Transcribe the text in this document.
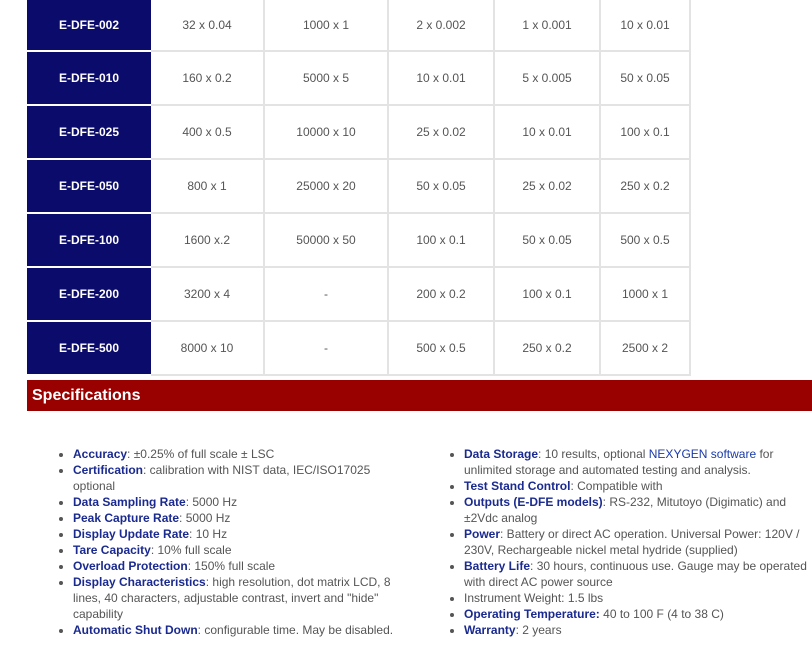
E-DFE-002	32 x 0.04	1000 x 1	2 x 0.002	1 x 0.001	10 x 0.01
E-DFE-010	160 x 0.2	5000 x 5	10 x 0.01	5 x 0.005	50 x 0.05
E-DFE-025	400 x 0.5	10000 x 10	25 x 0.02	10 x 0.01	100 x 0.1
E-DFE-050	800 x 1	25000 x 20	50 x 0.05	25 x 0.02	250 x 0.2
E-DFE-100	1600 x.2	50000 x 50	100 x 0.1	50 x 0.05	500 x 0.5
E-DFE-200	3200 x 4	-	200 x 0.2	100 x 0.1	1000 x 1
E-DFE-500	8000 x 10	-	500 x 0.5	250 x 0.2	2500 x 2
Specifications
• Accuracy: ±0.25% of full scale ± LSC
• Certification: calibration with NIST data, IEC/ISO17025 optional
• Data Sampling Rate: 5000 Hz
• Peak Capture Rate: 5000 Hz
• Display Update Rate: 10 Hz
• Tare Capacity: 10% full scale
• Overload Protection: 150% full scale
• Display Characteristics: high resolution, dot matrix LCD, 8 lines, 40 characters, adjustable contrast, invert and "hide" capability
• Automatic Shut Down: configurable time. May be disabled.
• Data Storage: 10 results, optional NEXYGEN software for unlimited storage and automated testing and analysis.
• Test Stand Control: Compatible with
• Outputs (E-DFE models): RS-232, Mitutoyo (Digimatic) and ±2Vdc analog
• Power: Battery or direct AC operation. Universal Power: 120V / 230V, Rechargeable nickel metal hydride (supplied)
• Battery Life: 30 hours, continuous use. Gauge may be operated with direct AC power source
• Instrument Weight: 1.5 lbs
• Operating Temperature: 40 to 100 F (4 to 38 C)
• Warranty: 2 years
